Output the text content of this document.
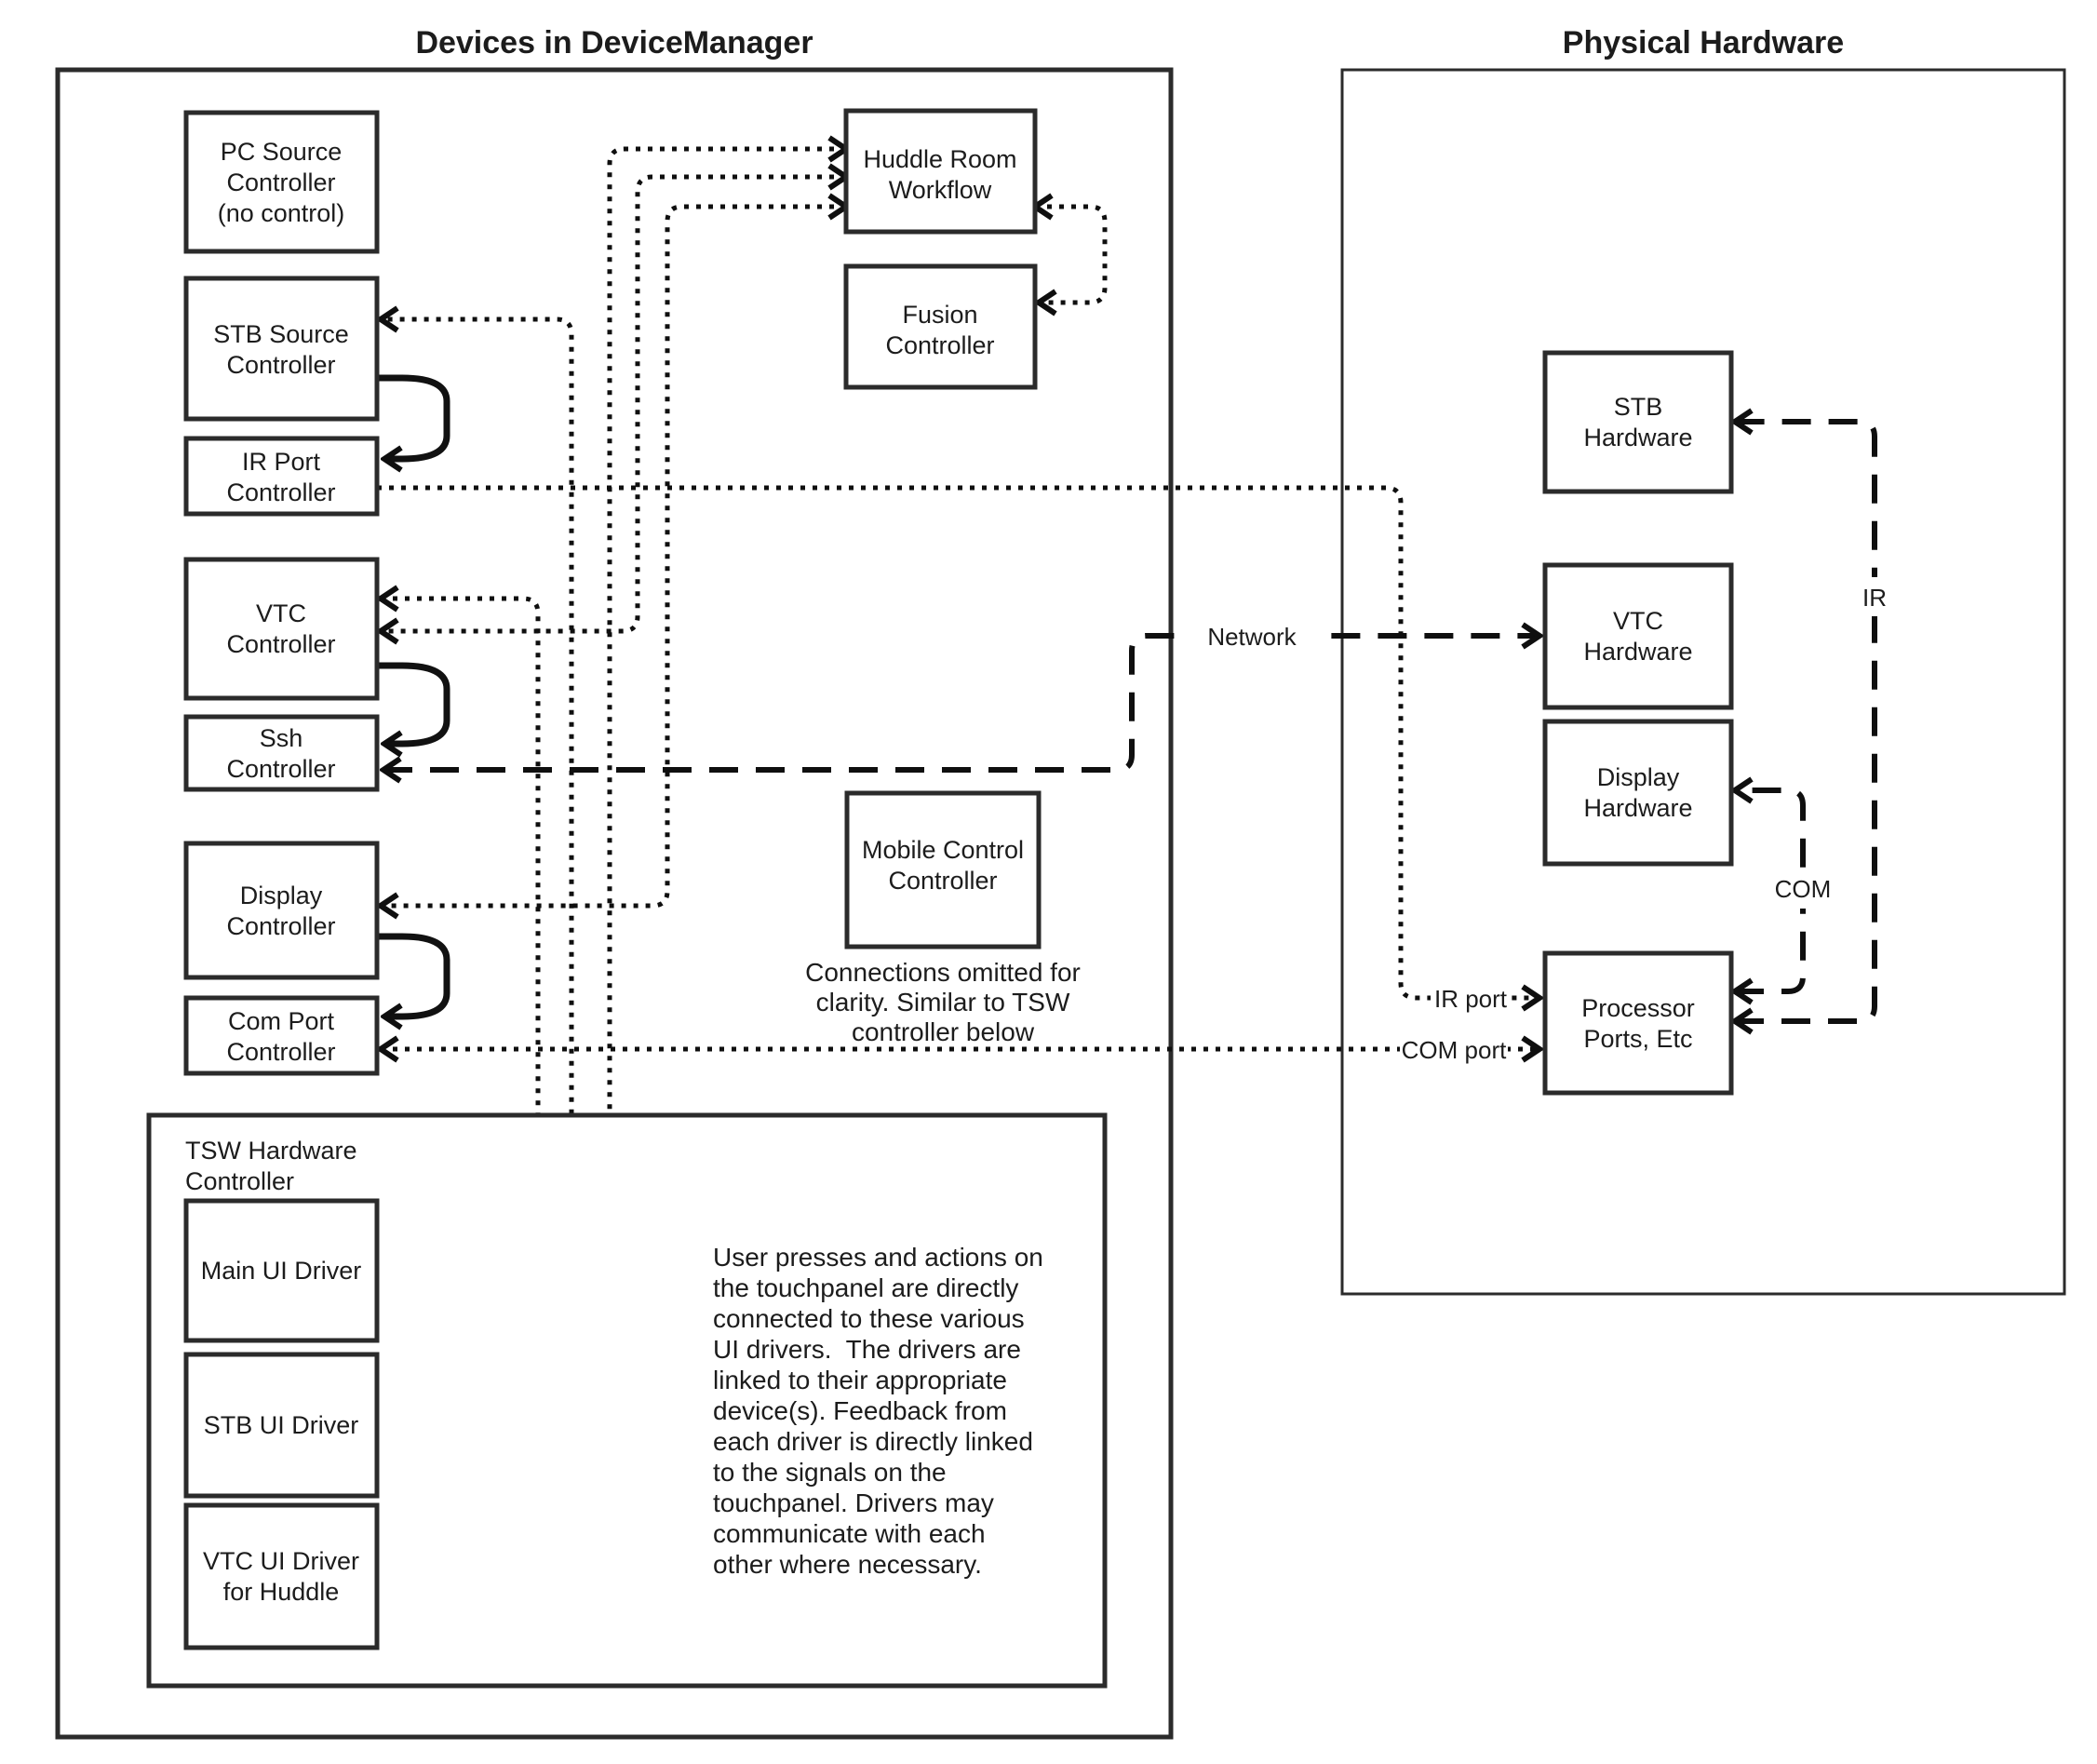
Devices in DeviceManager	Physical Hardware
Network
IR
COM
IR port
COM port
TSW Hardware
Controller
PC Source
Controller
(no control)
STB Source
Controller
IR Port
Controller
VTC
Controller
Ssh
Controller
Display
Controller
Com Port
Controller
Huddle Room
Workflow
Fusion
Controller
Mobile Control
Controller
Connections omitted for
clarity. Similar to TSW
controller below
Main UI Driver
STB UI Driver
VTC UI Driver
for Huddle
User presses and actions on
the touchpanel are directly
connected to these various
UI drivers.  The drivers are
linked to their appropriate
device(s). Feedback from
each driver is directly linked
to the signals on the
touchpanel. Drivers may
communicate with each
other where necessary.
STB
Hardware
VTC
Hardware
Display
Hardware
Processor
Ports, Etc
